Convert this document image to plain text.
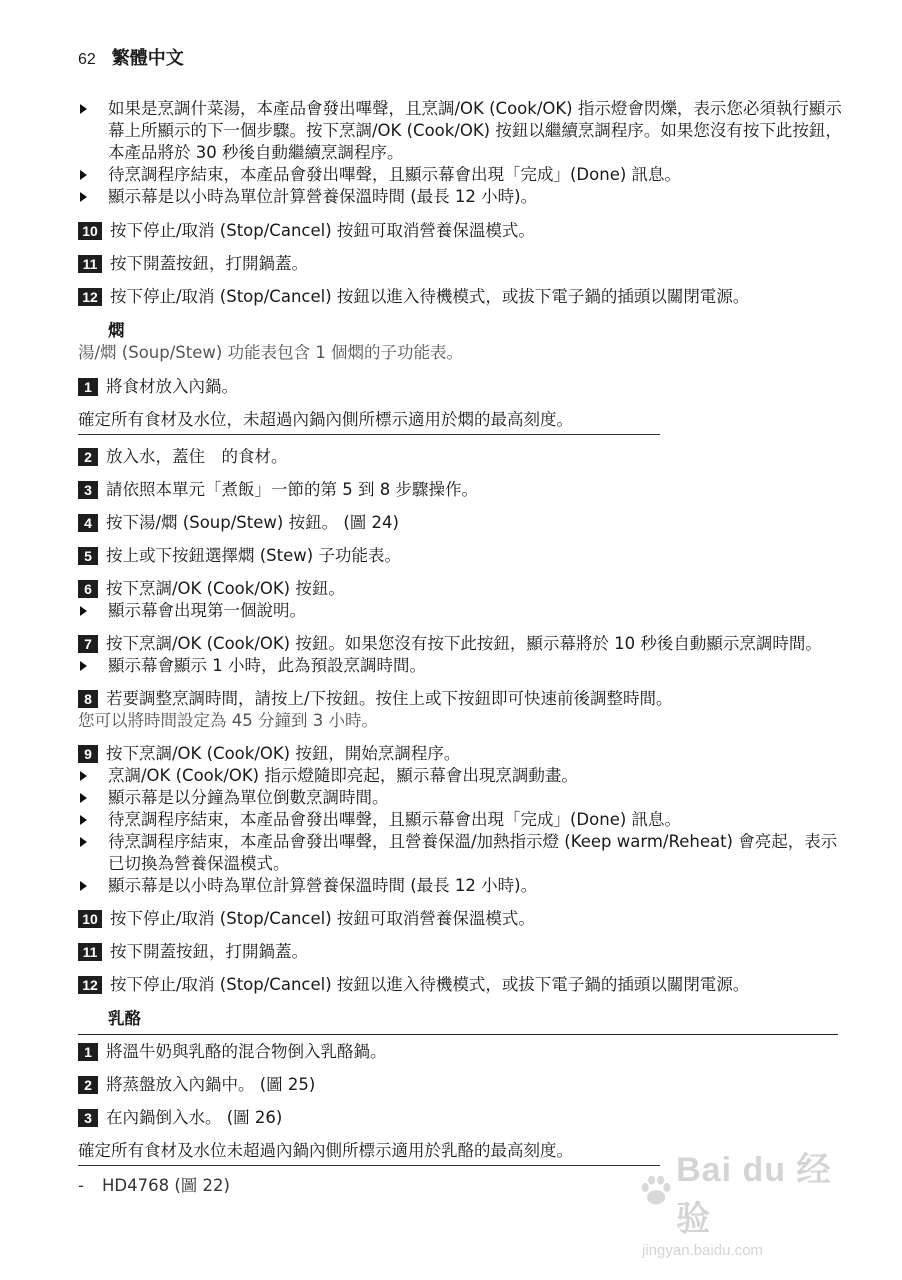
62 繁體中文
如果是烹調什菜湯，本產品會發出嗶聲，且烹調/OK (Cook/OK) 指示燈會閃爍，表示您必須執行顯示幕上所顯示的下一個步驟。按下烹調/OK (Cook/OK) 按鈕以繼續烹調程序。如果您沒有按下此按鈕，本產品將於 30 秒後自動繼續烹調程序。
待烹調程序結束，本產品會發出嗶聲，且顯示幕會出現「完成」(Done) 訊息。
顯示幕是以小時為單位計算營養保溫時間 (最長 12 小時)。
10 按下停止/取消 (Stop/Cancel) 按鈕可取消營養保溫模式。
11 按下開蓋按鈕，打開鍋蓋。
12 按下停止/取消 (Stop/Cancel) 按鈕以進入待機模式，或拔下電子鍋的插頭以關閉電源。
燜
湯/燜 (Soup/Stew) 功能表包含 1 個燜的子功能表。
1 將食材放入內鍋。
確定所有食材及水位，未超過內鍋內側所標示適用於燜的最高刻度。
2 放入水，蓋住　的食材。
3 請依照本單元「煮飯」一節的第 5 到 8 步驟操作。
4 按下湯/燜 (Soup/Stew) 按鈕。 (圖 24)
5 按上或下按鈕選擇燜 (Stew) 子功能表。
6 按下烹調/OK (Cook/OK) 按鈕。
顯示幕會出現第一個說明。
7 按下烹調/OK (Cook/OK) 按鈕。如果您沒有按下此按鈕，顯示幕將於 10 秒後自動顯示烹調時間。
顯示幕會顯示 1 小時，此為預設烹調時間。
8 若要調整烹調時間，請按上/下按鈕。按住上或下按鈕即可快速前後調整時間。
您可以將時間設定為 45 分鐘到 3 小時。
9 按下烹調/OK (Cook/OK) 按鈕，開始烹調程序。
烹調/OK (Cook/OK) 指示燈隨即亮起，顯示幕會出現烹調動畫。
顯示幕是以分鐘為單位倒數烹調時間。
待烹調程序結束，本產品會發出嗶聲，且顯示幕會出現「完成」(Done) 訊息。
待烹調程序結束，本產品會發出嗶聲，且營養保溫/加熱指示燈 (Keep warm/Reheat) 會亮起，表示已切換為營養保溫模式。
顯示幕是以小時為單位計算營養保溫時間 (最長 12 小時)。
10 按下停止/取消 (Stop/Cancel) 按鈕可取消營養保溫模式。
11 按下開蓋按鈕，打開鍋蓋。
12 按下停止/取消 (Stop/Cancel) 按鈕以進入待機模式，或拔下電子鍋的插頭以關閉電源。
乳酪
1 將溫牛奶與乳酪的混合物倒入乳酪鍋。
2 將蒸盤放入內鍋中。 (圖 25)
3 在內鍋倒入水。 (圖 26)
確定所有食材及水位未超過內鍋內側所標示適用於乳酪的最高刻度。
- HD4768 (圖 22)	Bai du 经验
jingyan.baidu.com
